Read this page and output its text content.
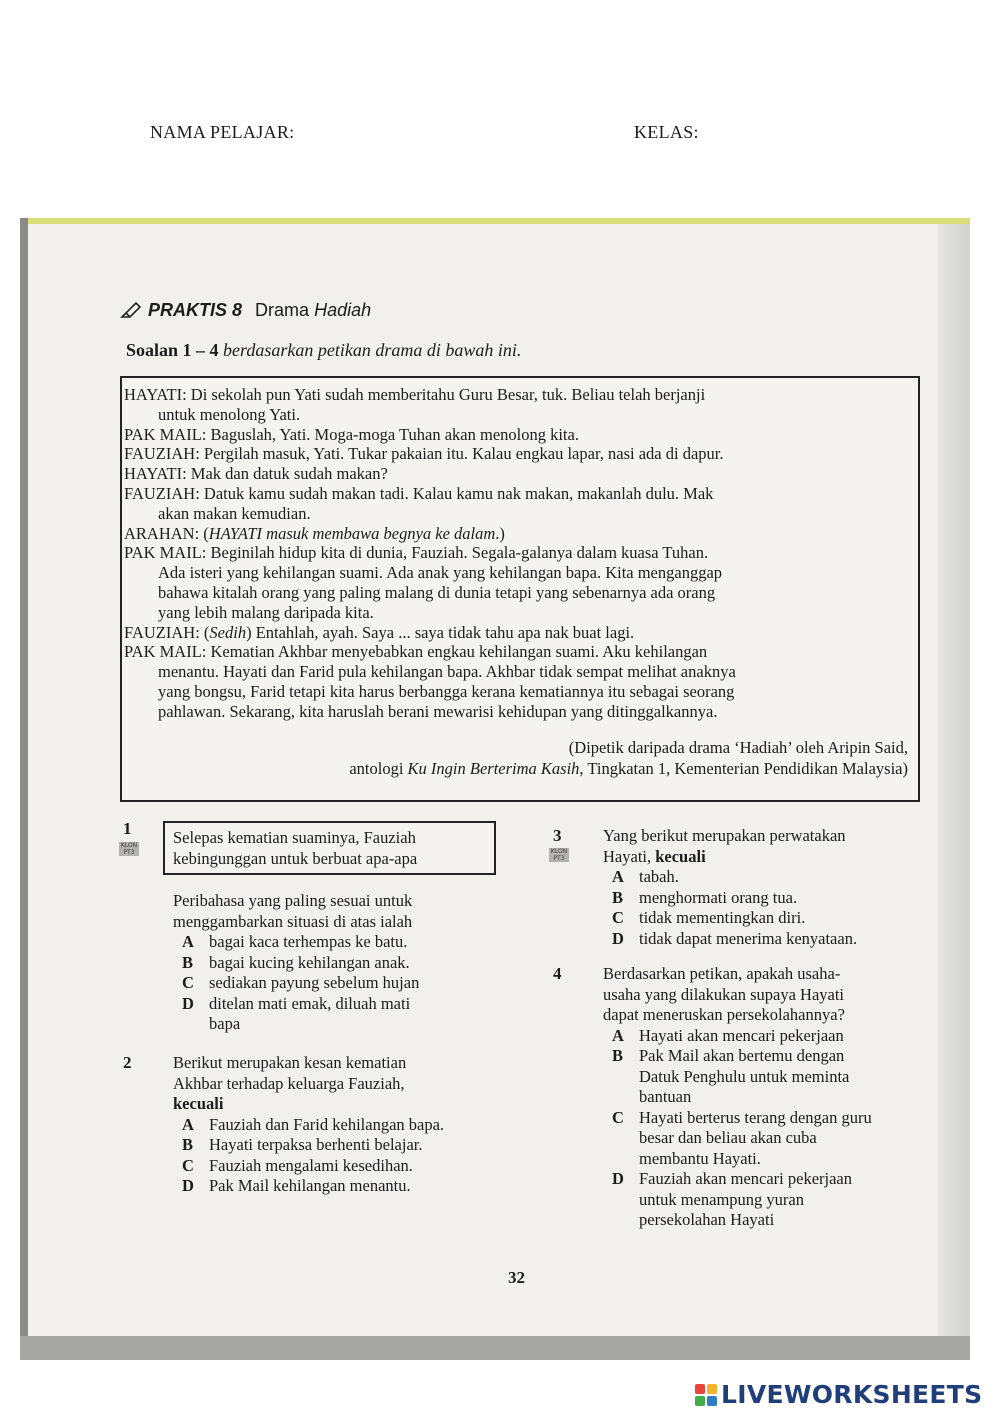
NAMA PELAJAR:	KELAS:
PRAKTIS 8 Drama Hadiah
Soalan 1 – 4 berdasarkan petikan drama di bawah ini.
HAYATI: Di sekolah pun Yati sudah memberitahu Guru Besar, tuk. Beliau telah berjanji
untuk menolong Yati.
PAK MAIL: Baguslah, Yati. Moga-moga Tuhan akan menolong kita.
FAUZIAH: Pergilah masuk, Yati. Tukar pakaian itu. Kalau engkau lapar, nasi ada di dapur.
HAYATI: Mak dan datuk sudah makan?
FAUZIAH: Datuk kamu sudah makan tadi. Kalau kamu nak makan, makanlah dulu. Mak
akan makan kemudian.
ARAHAN: (HAYATI masuk membawa begnya ke dalam.)
PAK MAIL: Beginilah hidup kita di dunia, Fauziah. Segala-galanya dalam kuasa Tuhan.
Ada isteri yang kehilangan suami. Ada anak yang kehilangan bapa. Kita menganggap
bahawa kitalah orang yang paling malang di dunia tetapi yang sebenarnya ada orang
yang lebih malang daripada kita.
FAUZIAH: (Sedih) Entahlah, ayah. Saya ... saya tidak tahu apa nak buat lagi.
PAK MAIL: Kematian Akhbar menyebabkan engkau kehilangan suami. Aku kehilangan
menantu. Hayati dan Farid pula kehilangan bapa. Akhbar tidak sempat melihat anaknya
yang bongsu, Farid tetapi kita harus berbangga kerana kematiannya itu sebagai seorang
pahlawan. Sekarang, kita haruslah berani mewarisi kehidupan yang ditinggalkannya.
(Dipetik daripada drama ‘Hadiah’ oleh Aripin Said,
antologi Ku Ingin Berterima Kasih, Tingkatan 1, Kementerian Pendidikan Malaysia)
32
1
KLON PT3
Selepas kematian suaminya, Fauziah
kebingunggan untuk berbuat apa-apa
Peribahasa yang paling sesuai untuk
menggambarkan situasi di atas ialah
A bagai kaca terhempas ke batu.
B bagai kucing kehilangan anak.
C sediakan payung sebelum hujan
D ditelan mati emak, diluah mati
bapa
2	Berikut merupakan kesan kematian
Akhbar terhadap keluarga Fauziah,
kecuali
A Fauziah dan Farid kehilangan bapa.
B Hayati terpaksa berhenti belajar.
C Fauziah mengalami kesedihan.
D Pak Mail kehilangan menantu.
3
KLON PT3
Yang berikut merupakan perwatakan
Hayati, kecuali
A tabah.
B menghormati orang tua.
C tidak mementingkan diri.
D tidak dapat menerima kenyataan.
4	Berdasarkan petikan, apakah usaha-
usaha yang dilakukan supaya Hayati
dapat meneruskan persekolahannya?
A Hayati akan mencari pekerjaan
B Pak Mail akan bertemu dengan
Datuk Penghulu untuk meminta
bantuan
C Hayati berterus terang dengan guru
besar dan beliau akan cuba
membantu Hayati.
D Fauziah akan mencari pekerjaan
untuk menampung yuran
persekolahan Hayati
LIVEWORKSHEETS
